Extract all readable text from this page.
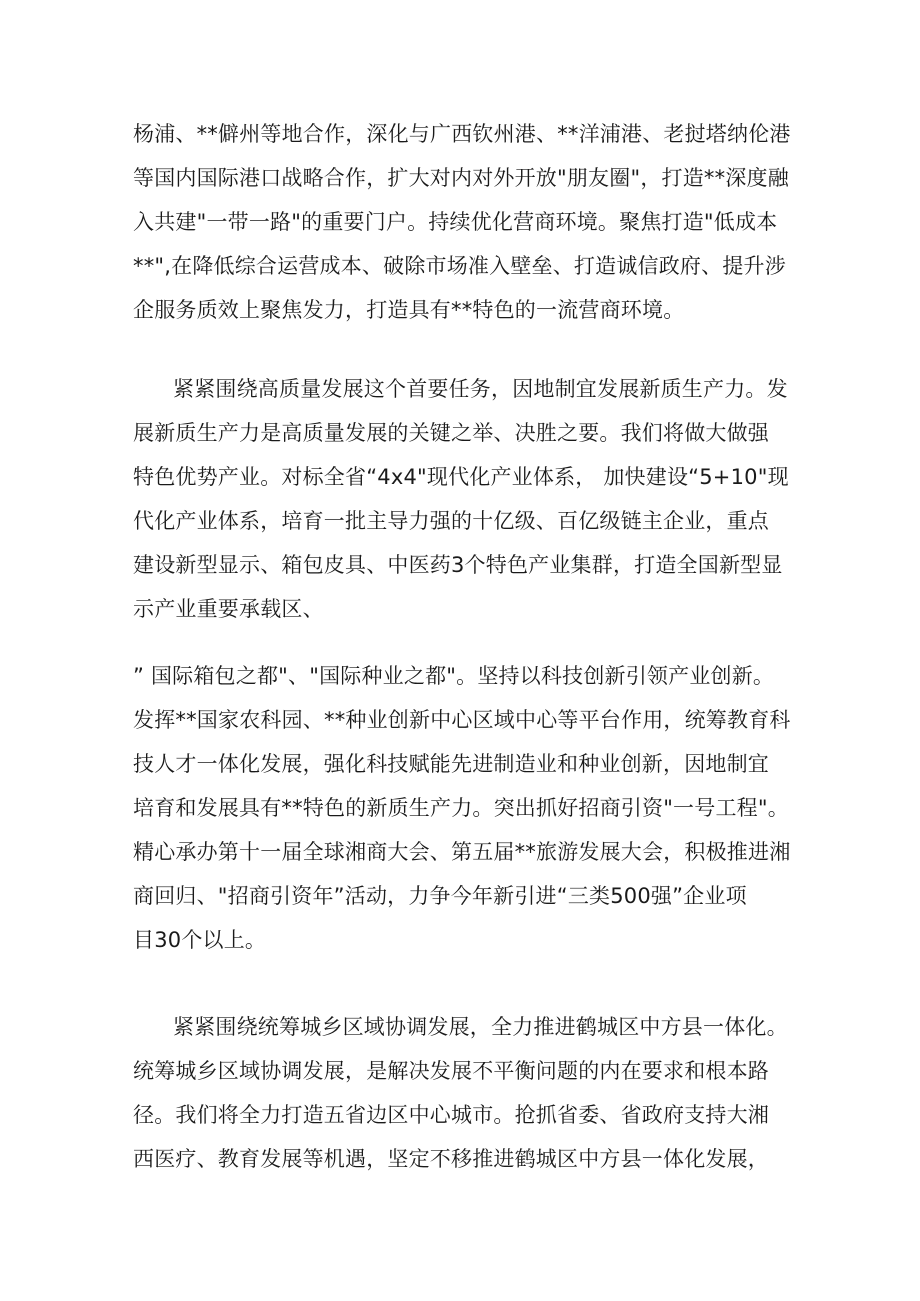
杨浦、**僻州等地合作，深化与广西钦州港、**洋浦港、老挝塔纳伦港
等国内国际港口战略合作，扩大对内对外开放"朋友圈"，打造**深度融
入共建"一带一路"的重要门户。持续优化营商环境。聚焦打造"低成本
**",在降低综合运营成本、破除市场准入壁垒、打造诚信政府、提升涉
企服务质效上聚焦发力，打造具有**特色的一流营商环境。
紧紧围绕高质量发展这个首要任务，因地制宜发展新质生产力。发
展新质生产力是高质量发展的关键之举、决胜之要。我们将做大做强
特色优势产业。对标全省“4x4"现代化产业体系， 加快建设“5+10"现
代化产业体系，培育一批主导力强的十亿级、百亿级链主企业，重点
建设新型显示、箱包皮具、中医药3个特色产业集群，打造全国新型显
示产业重要承载区、
” 国际箱包之都"、"国际种业之都"。坚持以科技创新引领产业创新。
发挥**国家农科园、**种业创新中心区域中心等平台作用，统筹教育科
技人才一体化发展，强化科技赋能先进制造业和种业创新，因地制宜
培育和发展具有**特色的新质生产力。突出抓好招商引资"一号工程"。
精心承办第十一届全球湘商大会、第五届**旅游发展大会，积极推进湘
商回归、"招商引资年”活动，力争今年新引进“三类500强”企业项
目30个以上。
紧紧围绕统筹城乡区域协调发展，全力推进鹤城区中方县一体化。
统筹城乡区域协调发展，是解决发展不平衡问题的内在要求和根本路
径。我们将全力打造五省边区中心城市。抢抓省委、省政府支持大湘
西医疗、教育发展等机遇，坚定不移推进鹤城区中方县一体化发展，
